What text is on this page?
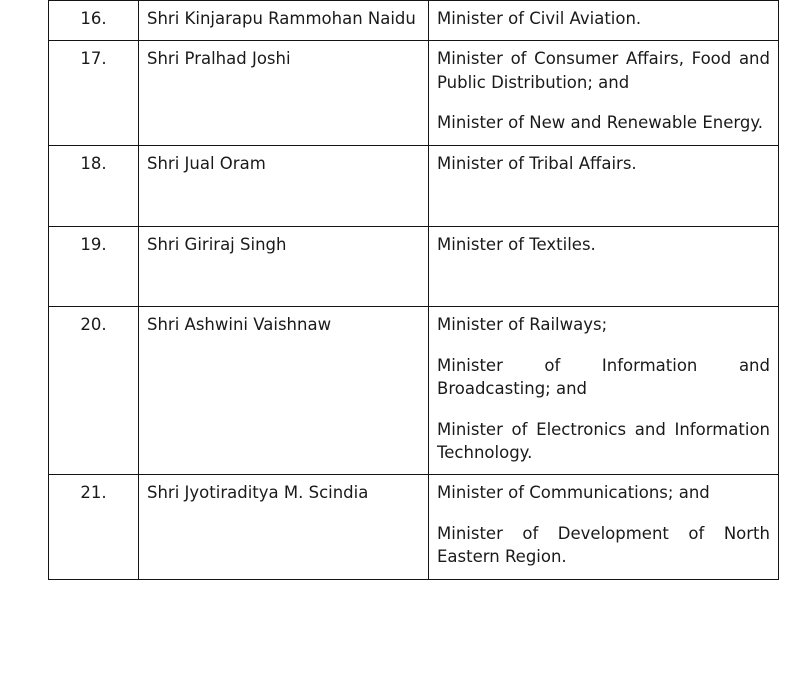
16.	Shri Kinjarapu Rammohan Naidu	Minister of Civil Aviation.

17.	Shri Pralhad Joshi	Minister of Consumer Affairs, Food and Public Distribution; and

Minister of New and Renewable Energy.

18.	Shri Jual Oram	Minister of Tribal Affairs.

19.	Shri Giriraj Singh	Minister of Textiles.

20.	Shri Ashwini Vaishnaw	Minister of Railways;

Minister of Information and Broadcasting; and

Minister of Electronics and Information Technology.

21.	Shri Jyotiraditya M. Scindia	Minister of Communications; and

Minister of Development of North Eastern Region.
